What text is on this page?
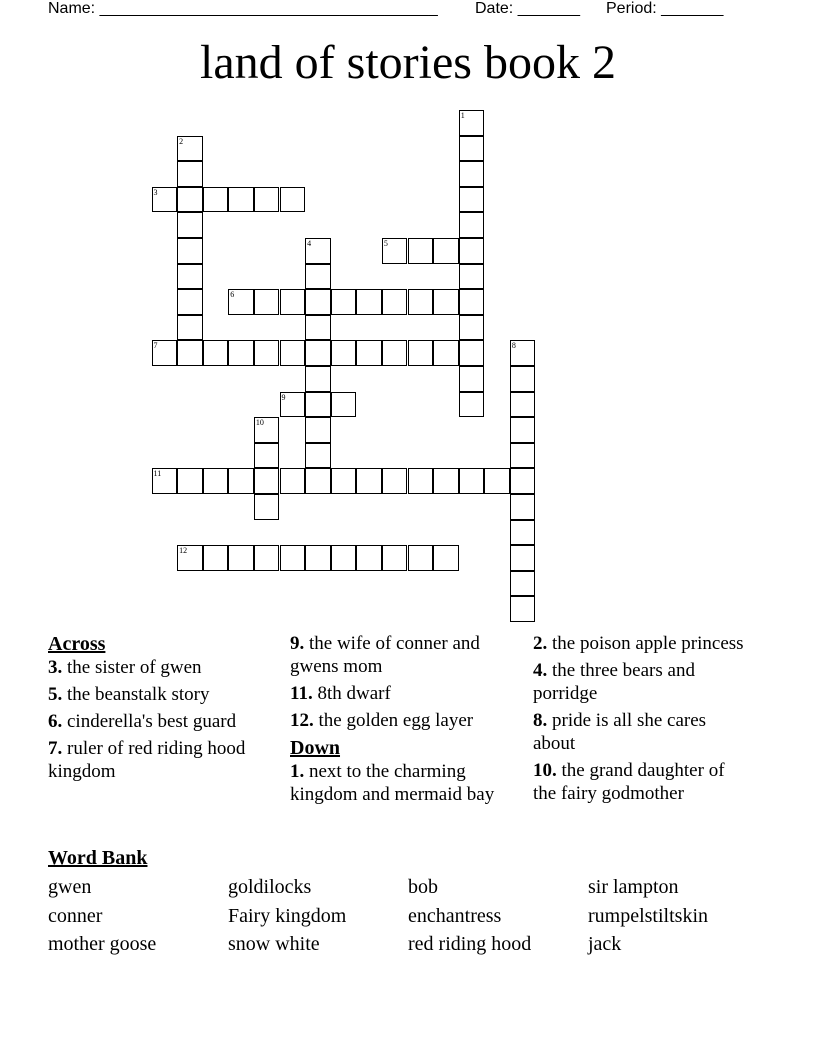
Name: ______________________________________ Date: _______ Period: _______
land of stories book 2
1
2
3
4	5
6
7	8
9
10
11
12
Across
3. the sister of gwen
5. the beanstalk story
6. cinderella's best guard
7. ruler of red riding hood kingdom
9. the wife of conner and gwens mom
11. 8th dwarf
12. the golden egg layer
Down
1. next to the charming kingdom and mermaid bay
2. the poison apple princess
4. the three bears and porridge
8. pride is all she cares about
10. the grand daughter of the fairy godmother
Word Bank
gwen	goldilocks	bob	sir lampton
conner	Fairy kingdom	enchantress	rumpelstiltskin
mother goose	snow white	red riding hood	jack
